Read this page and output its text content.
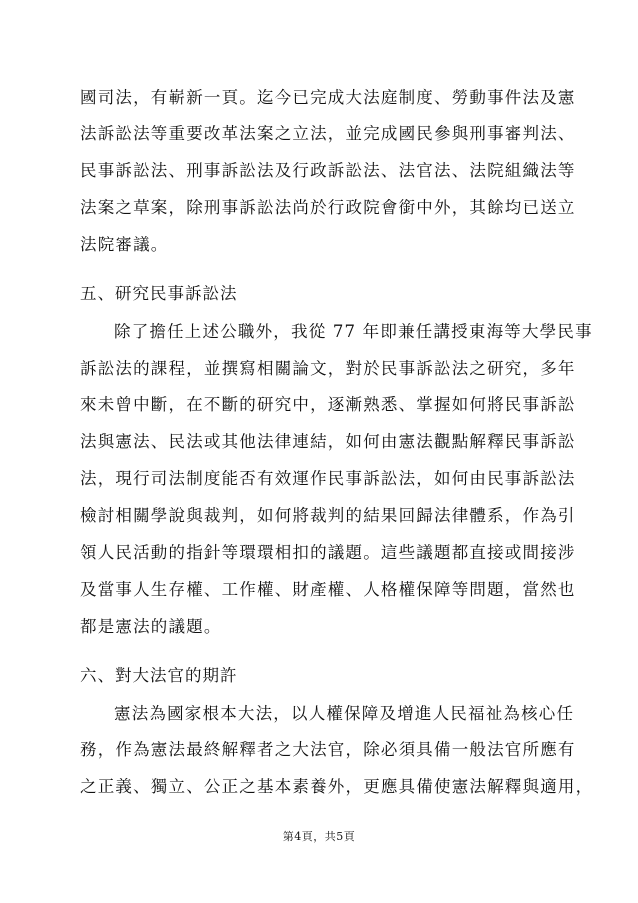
國司法，有嶄新一頁。迄今已完成大法庭制度、勞動事件法及憲
法訴訟法等重要改革法案之立法，並完成國民參與刑事審判法、
民事訴訟法、刑事訴訟法及行政訴訟法、法官法、法院組織法等
法案之草案，除刑事訴訟法尚於行政院會銜中外，其餘均已送立
法院審議。
五、研究民事訴訟法
除了擔任上述公職外，我從 77 年即兼任講授東海等大學民事
訴訟法的課程，並撰寫相關論文，對於民事訴訟法之研究，多年
來未曾中斷，在不斷的研究中，逐漸熟悉、掌握如何將民事訴訟
法與憲法、民法或其他法律連結，如何由憲法觀點解釋民事訴訟
法，現行司法制度能否有效運作民事訴訟法，如何由民事訴訟法
檢討相關學說與裁判，如何將裁判的結果回歸法律體系，作為引
領人民活動的指針等環環相扣的議題。這些議題都直接或間接涉
及當事人生存權、工作權、財產權、人格權保障等問題，當然也
都是憲法的議題。
六、對大法官的期許
憲法為國家根本大法，以人權保障及增進人民福祉為核心任
務，作為憲法最終解釋者之大法官，除必須具備一般法官所應有
之正義、獨立、公正之基本素養外，更應具備使憲法解釋與適用，
第4頁，共5頁
